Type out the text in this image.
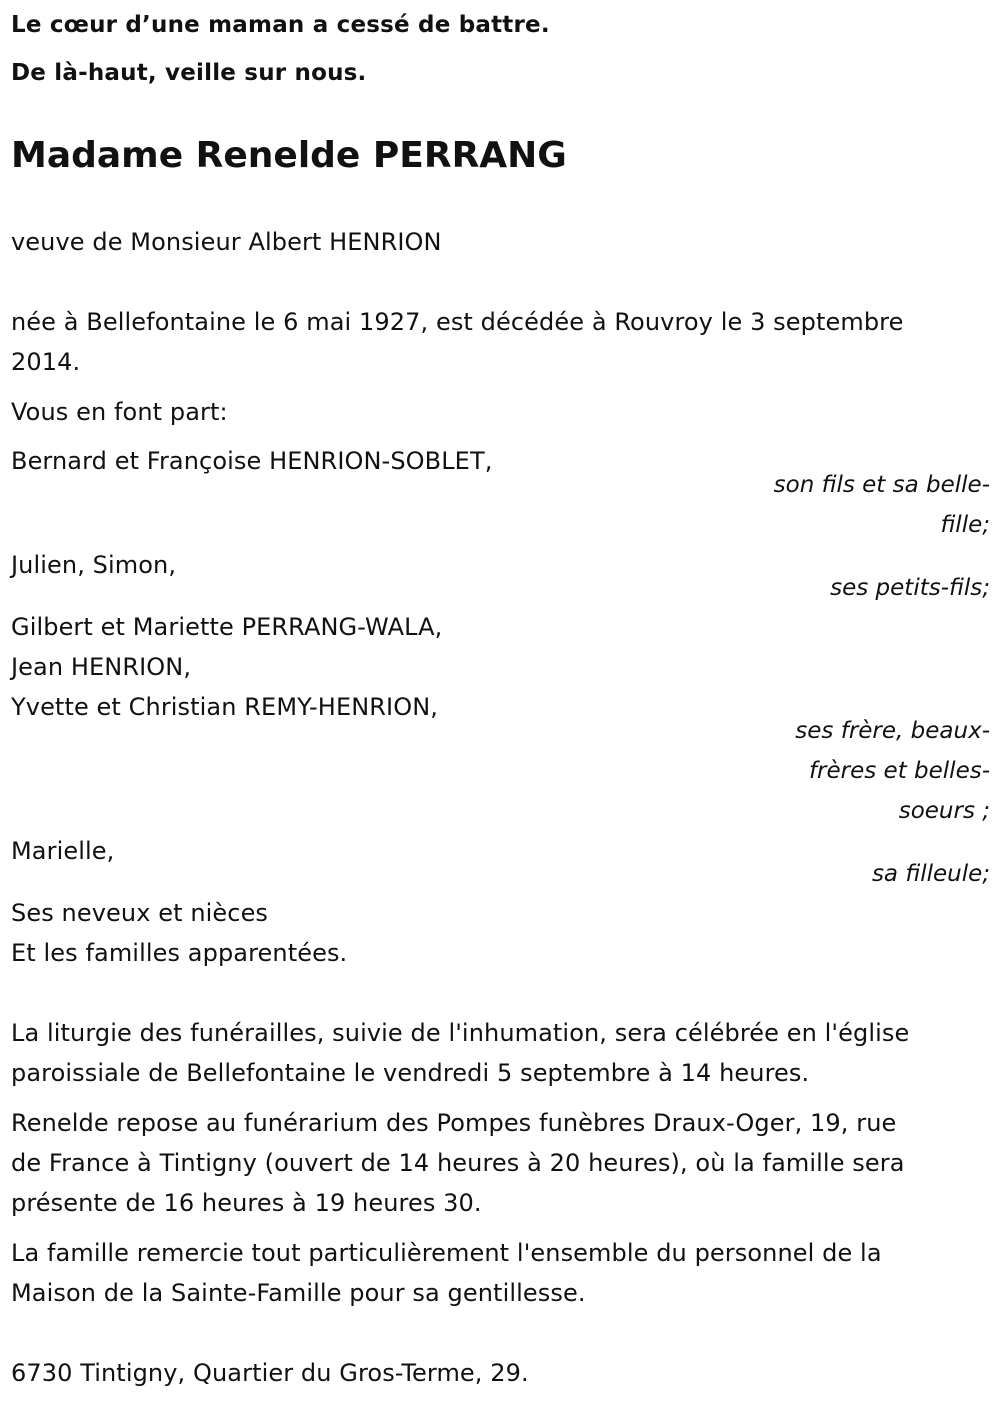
Le cœur d’une maman a cessé de battre.
De là-haut, veille sur nous.
Madame Renelde PERRANG
veuve de Monsieur Albert HENRION
née à Bellefontaine le 6 mai 1927, est décédée à Rouvroy le 3 septembre
2014.
Vous en font part:
Bernard et Françoise HENRION-SOBLET,
son fils et sa belle-
fille;
Julien, Simon,
ses petits-fils;
Gilbert et Mariette PERRANG-WALA,
Jean HENRION,
Yvette et Christian REMY-HENRION,
ses frère, beaux-
frères et belles-
soeurs ;
Marielle,
sa filleule;
Ses neveux et nièces
Et les familles apparentées.
La liturgie des funérailles, suivie de l'inhumation, sera célébrée en l'église
paroissiale de Bellefontaine le vendredi 5 septembre à 14 heures.
Renelde repose au funérarium des Pompes funèbres Draux-Oger, 19, rue
de France à Tintigny (ouvert de 14 heures à 20 heures), où la famille sera
présente de 16 heures à 19 heures 30.
La famille remercie tout particulièrement l'ensemble du personnel de la
Maison de la Sainte-Famille pour sa gentillesse.
6730 Tintigny, Quartier du Gros-Terme, 29.
